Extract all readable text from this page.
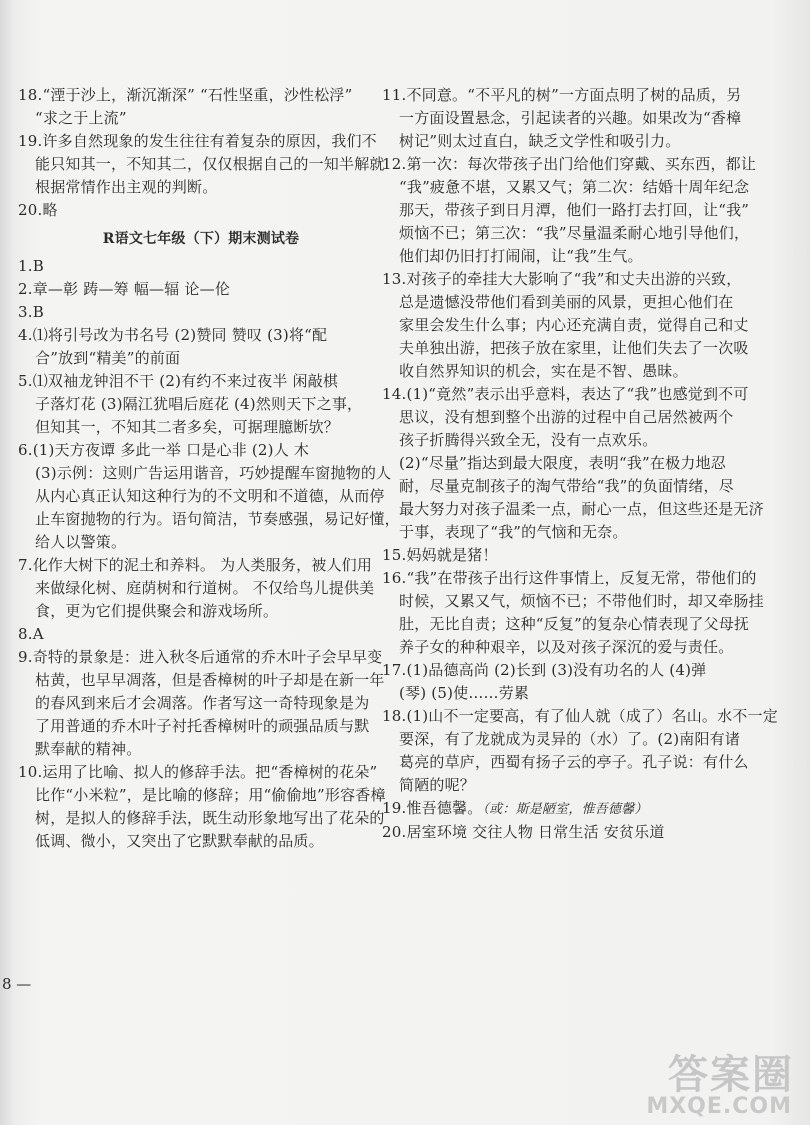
18.“湮于沙上，渐沉渐深” “石性坚重，沙性松浮”
“求之于上流”
19.许多自然现象的发生往往有着复杂的原因，我们不
能只知其一，不知其二，仅仅根据自己的一知半解就
根据常情作出主观的判断。
20.略
R语文七年级（下）期末测试卷
1.B
2.章—彰 踌—筹 幅—辐 论—伦
3.B
4.⑴将引号改为书名号 (2)赞同 赞叹 (3)将“配
合”放到“精美”的前面
5.⑴双袖龙钟泪不干 (2)有约不来过夜半 闲敲棋
子落灯花 (3)隔江犹唱后庭花 (4)然则天下之事，
但知其一，不知其二者多矣，可据理臆断欤？
6.(1)天方夜谭 多此一举 口是心非 (2)人 木
(3)示例：这则广告运用谐音，巧妙提醒车窗抛物的人
从内心真正认知这种行为的不文明和不道德，从而停
止车窗抛物的行为。语句简洁，节奏感强，易记好懂，
给人以警策。
7.化作大树下的泥土和养料。 为人类服务，被人们用
来做绿化树、庭荫树和行道树。 不仅给鸟儿提供美
食，更为它们提供聚会和游戏场所。
8.A
9.奇特的景象是：进入秋冬后通常的乔木叶子会早早变
枯黄，也早早凋落，但是香樟树的叶子却是在新一年
的春风到来后才会凋落。作者写这一奇特现象是为
了用普通的乔木叶子衬托香樟树叶的顽强品质与默
默奉献的精神。
10.运用了比喻、拟人的修辞手法。把“香樟树的花朵”
比作“小米粒”，是比喻的修辞；用“偷偷地”形容香樟
树，是拟人的修辞手法，既生动形象地写出了花朵的
低调、微小，又突出了它默默奉献的品质。
11.不同意。“不平凡的树”一方面点明了树的品质，另
一方面设置悬念，引起读者的兴趣。如果改为“香樟
树记”则太过直白，缺乏文学性和吸引力。
12.第一次：每次带孩子出门给他们穿戴、买东西，都让
“我”疲惫不堪，又累又气；第二次：结婚十周年纪念
那天，带孩子到日月潭，他们一路打去打回，让“我”
烦恼不已；第三次：“我”尽量温柔耐心地引导他们，
他们却仍旧打打闹闹，让“我”生气。
13.对孩子的牵挂大大影响了“我”和丈夫出游的兴致，
总是遗憾没带他们看到美丽的风景，更担心他们在
家里会发生什么事；内心还充满自责，觉得自己和丈
夫单独出游，把孩子放在家里，让他们失去了一次吸
收自然界知识的机会，实在是不智、愚昧。
14.(1)“竟然”表示出乎意料，表达了“我”也感觉到不可
思议，没有想到整个出游的过程中自己居然被两个
孩子折腾得兴致全无，没有一点欢乐。
(2)“尽量”指达到最大限度，表明“我”在极力地忍
耐，尽量克制孩子的淘气带给“我”的负面情绪，尽
最大努力对孩子温柔一点，耐心一点，但这些还是无济
于事，表现了“我”的气恼和无奈。
15.妈妈就是猪！
16.“我”在带孩子出行这件事情上，反复无常，带他们的
时候，又累又气，烦恼不已；不带他们时，却又牵肠挂
肚，无比自责；这种“反复”的复杂心情表现了父母抚
养子女的种种艰辛，以及对孩子深沉的爱与责任。
17.(1)品德高尚 (2)长到 (3)没有功名的人 (4)弹
(琴) (5)使……劳累
18.(1)山不一定要高，有了仙人就（成了）名山。水不一定
要深，有了龙就成为灵异的（水）了。(2)南阳有诸
葛亮的草庐，西蜀有扬子云的亭子。孔子说：有什么
简陋的呢？
19.惟吾德馨。（或：斯是陋室，惟吾德馨）
20.居室环境 交往人物 日常生活 安贫乐道
8 —
答案圈
MXQE.COM
